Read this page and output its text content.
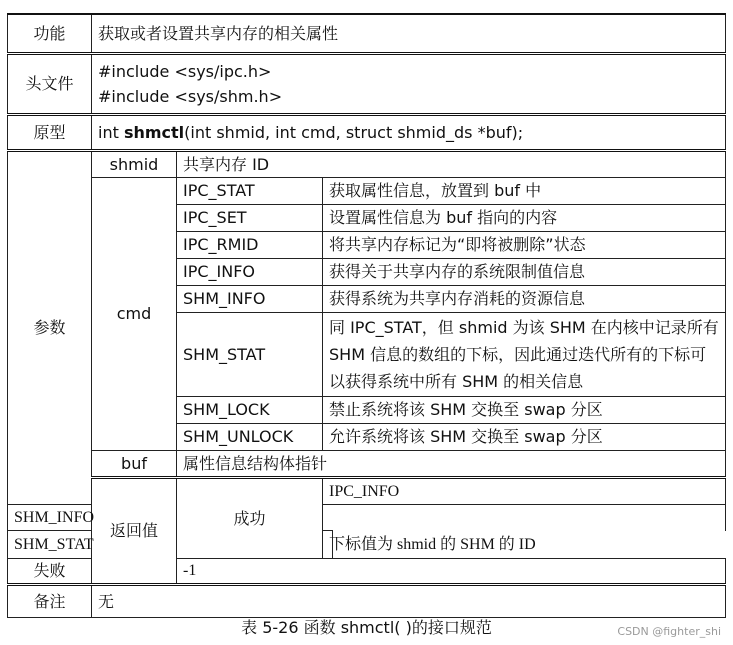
功能	获取或者设置共享内存的相关属性			
头文件	#include <sys/ipc.h>
#include <sys/shm.h>			

原型	int shmctl(int shmid, int cmd, struct shmid_ds *buf);			
参数	shmid	共享内存 ID		
	cmd	IPC_STAT	获取属性信息，放置到 buf 中	
		IPC_SET	设置属性信息为 buf 指向的内容	
		IPC_RMID	将共享内存标记为“即将被删除”状态	
		IPC_INFO	获得关于共享内存的系统限制值信息	
		SHM_INFO	获得系统为共享内存消耗的资源信息	
		SHM_STAT	同 IPC_STAT，但 shmid 为该 SHM 在内核中记录所有 SHM 信息的数组的下标，因此通过迭代所有的下标可以获得系统中所有 SHM 的相关信息	
		SHM_LOCK	禁止系统将该 SHM 交换至 swap 分区	
		SHM_UNLOCK	允许系统将该 SHM 交换至 swap 分区	
	buf	属性信息结构体指针		
	返回值	成功	IPC_INFO	
SHM_INFO				
SHM_STAT			下标值为 shmid 的 SHM 的 ID	
失败		-1		
备注	无			
表 5-26 函数 shmctl( )的接口规范	CSDN @fighter_shi
